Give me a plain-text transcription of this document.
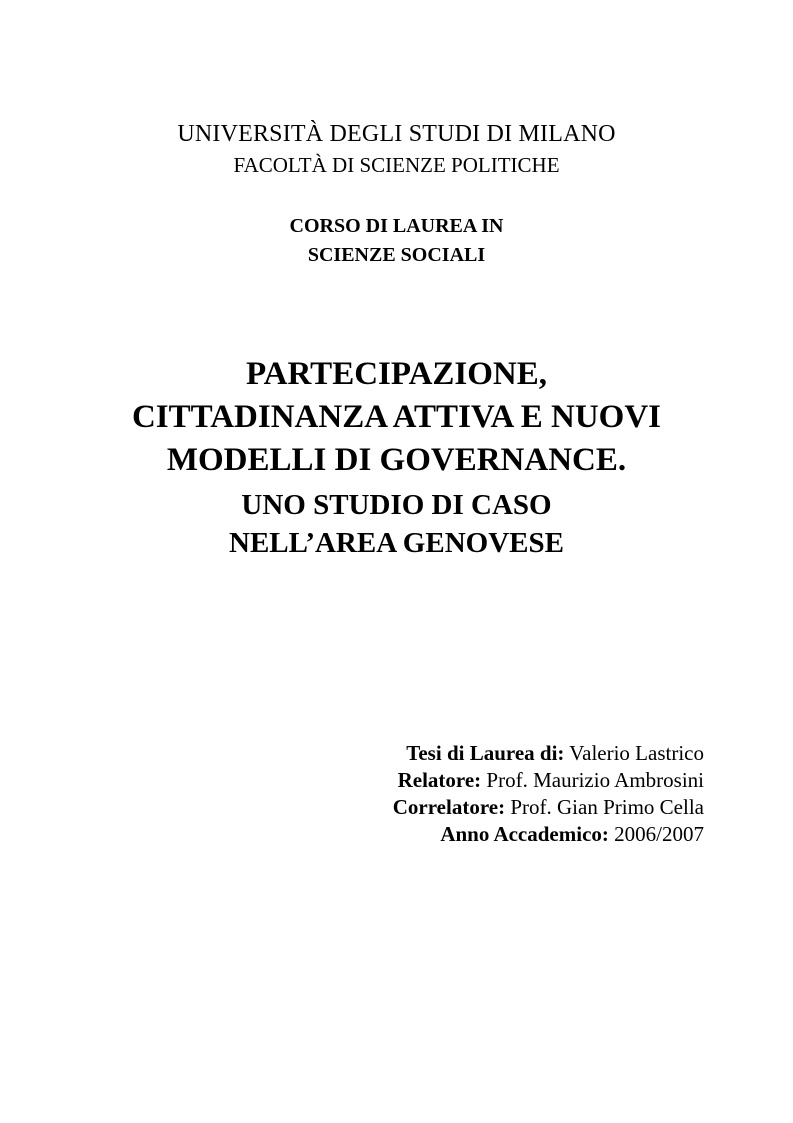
UNIVERSITÀ DEGLI STUDI DI MILANO
FACOLTÀ DI SCIENZE POLITICHE
CORSO DI LAUREA IN
SCIENZE SOCIALI
PARTECIPAZIONE,
CITTADINANZA ATTIVA E NUOVI
MODELLI DI GOVERNANCE.
UNO STUDIO DI CASO
NELL’AREA GENOVESE
Tesi di Laurea di: Valerio Lastrico
Relatore: Prof. Maurizio Ambrosini
Correlatore: Prof. Gian Primo Cella
Anno Accademico: 2006/2007
